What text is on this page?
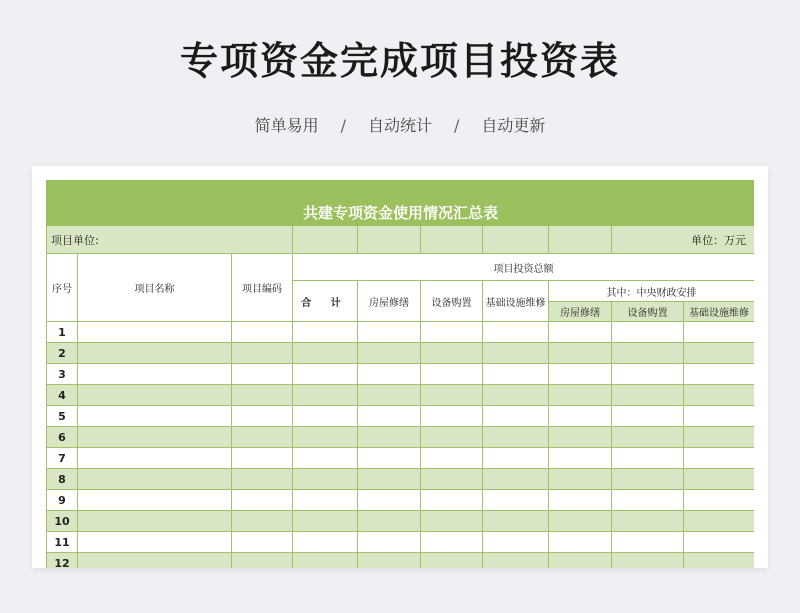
专项资金完成项目投资表
简单易用 / 自动统计 / 自动更新
共建专项资金使用情况汇总表									
项目单位:								单位：万元	
序号	项目名称	项目编码	项目投资总额						
			合 计	房屋修缮	设备购置	基础设施维修	其中：中央财政安排		
							房屋修缮	设备购置	基础设施维修
1									
2									
3									
4									
5									
6									
7									
8									
9									
10									
11									
12									
